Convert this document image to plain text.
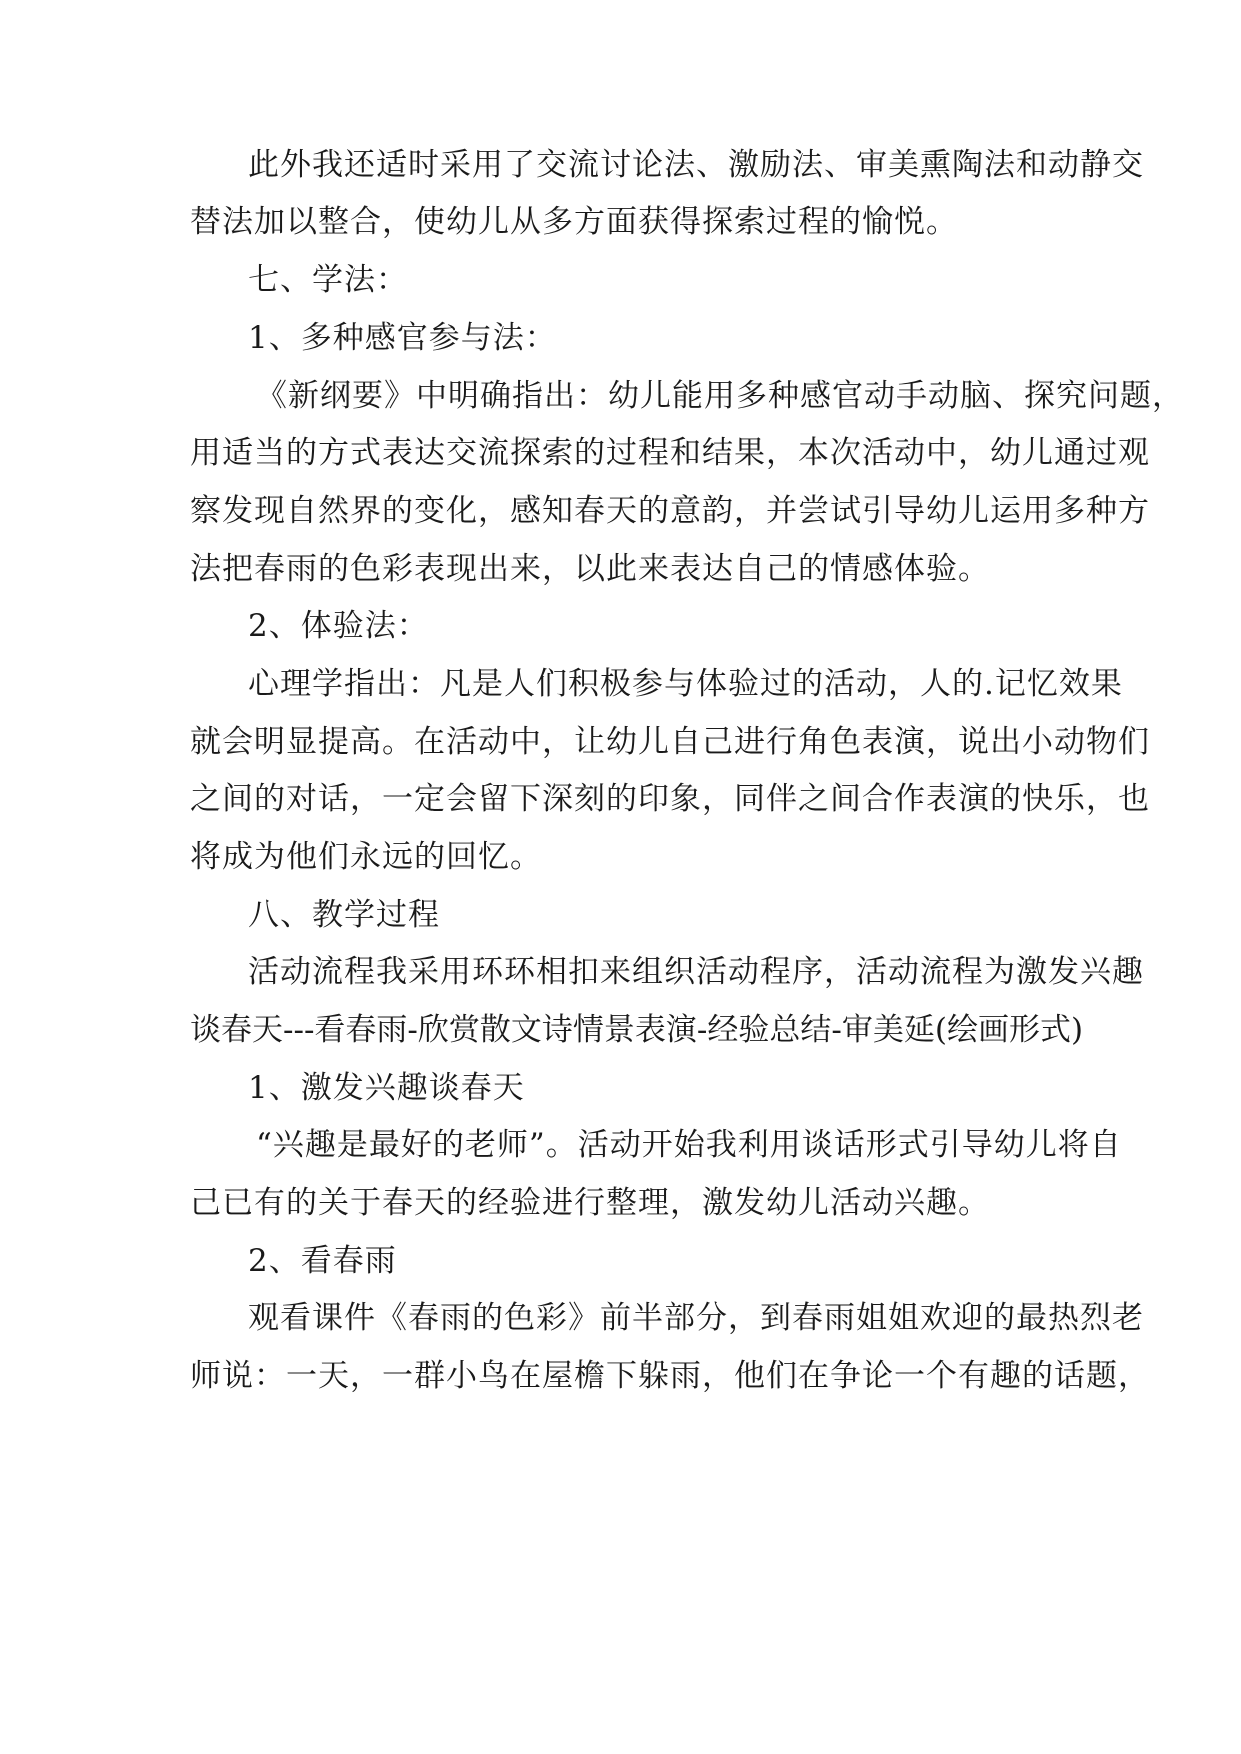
此外我还适时采用了交流讨论法、激励法、审美熏陶法和动静交
替法加以整合，使幼儿从多方面获得探索过程的愉悦。
七、学法：
1、多种感官参与法：
《新纲要》中明确指出：幼儿能用多种感官动手动脑、探究问题，
用适当的方式表达交流探索的过程和结果，本次活动中，幼儿通过观
察发现自然界的变化，感知春天的意韵，并尝试引导幼儿运用多种方
法把春雨的色彩表现出来，以此来表达自己的情感体验。
2、体验法：
心理学指出：凡是人们积极参与体验过的活动，人的.记忆效果
就会明显提高。在活动中，让幼儿自己进行角色表演，说出小动物们
之间的对话，一定会留下深刻的印象，同伴之间合作表演的快乐，也
将成为他们永远的回忆。
八、教学过程
活动流程我采用环环相扣来组织活动程序，活动流程为激发兴趣
谈春天---看春雨-欣赏散文诗情景表演-经验总结-审美延(绘画形式)
1、激发兴趣谈春天
“兴趣是最好的老师”。活动开始我利用谈话形式引导幼儿将自
己已有的关于春天的经验进行整理，激发幼儿活动兴趣。
2、看春雨
观看课件《春雨的色彩》前半部分，到春雨姐姐欢迎的最热烈老
师说：一天，一群小鸟在屋檐下躲雨，他们在争论一个有趣的话题，
